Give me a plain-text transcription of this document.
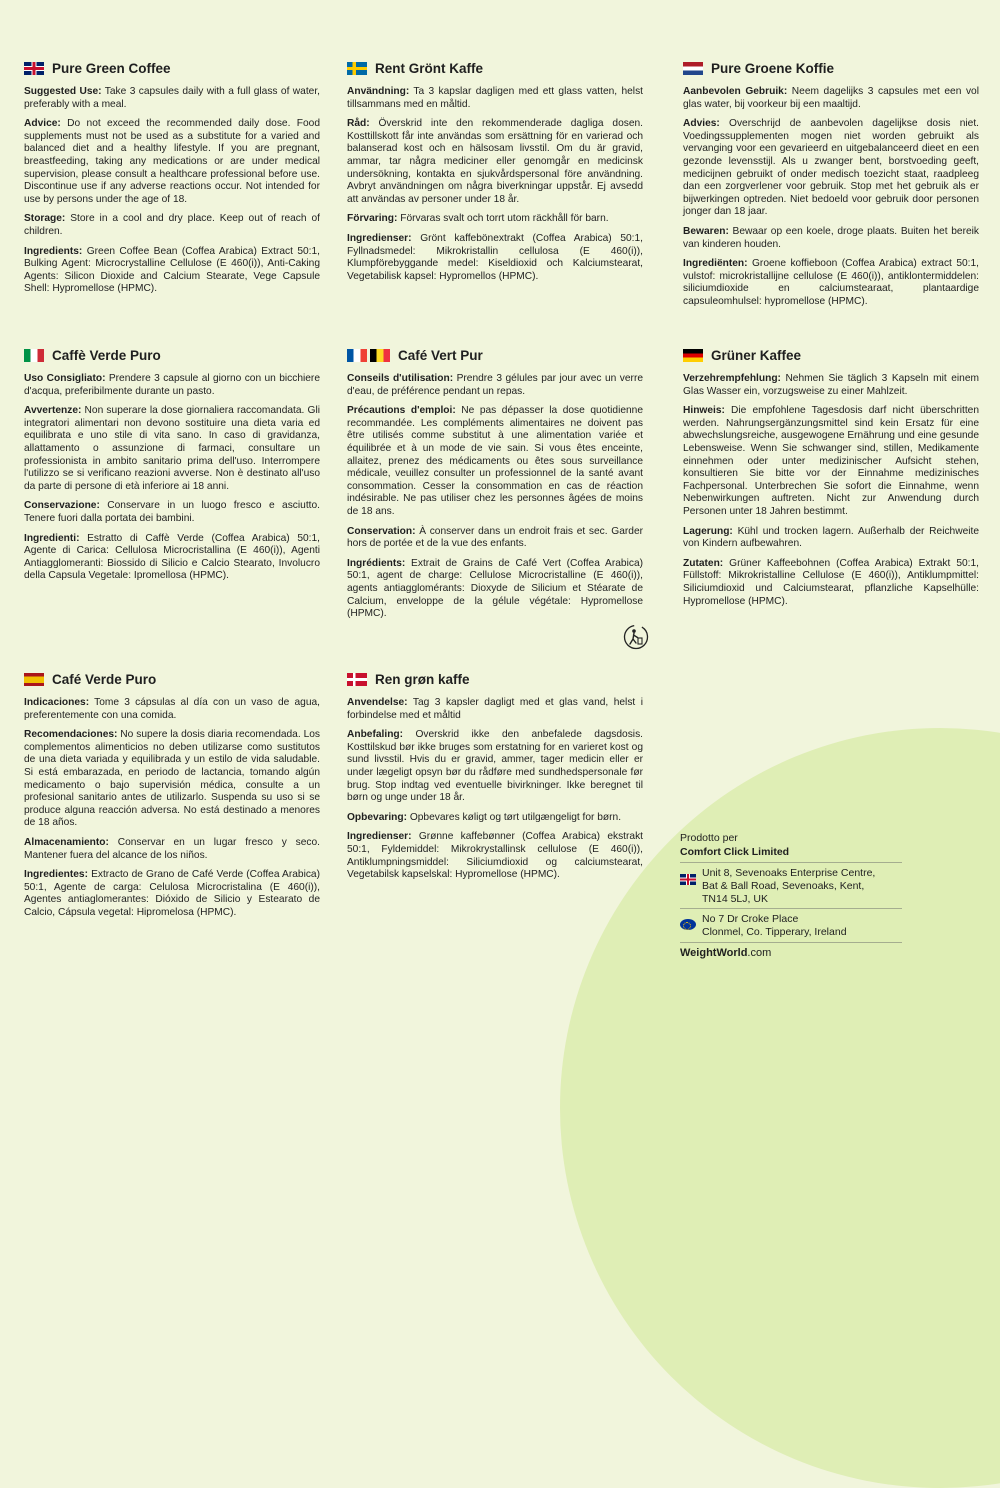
Pure Green Coffee

Suggested Use: Take 3 capsules daily with a full glass of water, preferably with a meal.

Advice: Do not exceed the recommended daily dose. Food supplements must not be used as a substitute for a varied and balanced diet and a healthy lifestyle. If you are pregnant, breastfeeding, taking any medications or are under medical supervision, please consult a healthcare professional before use. Discontinue use if any adverse reactions occur. Not intended for use by persons under the age of 18.

Storage: Store in a cool and dry place. Keep out of reach of children.

Ingredients: Green Coffee Bean (Coffea Arabica) Extract 50:1, Bulking Agent: Microcrystalline Cellulose (E 460(i)), Anti-Caking Agents: Silicon Dioxide and Calcium Stearate, Vege Capsule Shell: Hypromellose (HPMC).

Rent Grönt Kaffe

Användning: Ta 3 kapslar dagligen med ett glass vatten, helst tillsammans med en måltid.

Råd: Överskrid inte den rekommenderade dagliga dosen. Kosttillskott får inte användas som ersättning för en varierad och balanserad kost och en hälsosam livsstil. Om du är gravid, ammar, tar några mediciner eller genomgår en medicinsk undersökning, kontakta en sjukvårdspersonal före användning. Avbryt användningen om några biverkningar uppstår. Ej avsedd att användas av personer under 18 år.

Förvaring: Förvaras svalt och torrt utom räckhåll för barn.

Ingredienser: Grönt kaffebönextrakt (Coffea Arabica) 50:1, Fyllnadsmedel: Mikrokristallin cellulosa (E 460(i)), Klumpförebyggande medel: Kiseldioxid och Kalciumstearat, Vegetabilisk kapsel: Hypromellos (HPMC).

Pure Groene Koffie

Aanbevolen Gebruik: Neem dagelijks 3 capsules met een vol glas water, bij voorkeur bij een maaltijd.

Advies: Overschrijd de aanbevolen dagelijkse dosis niet. Voedingssupplementen mogen niet worden gebruikt als vervanging voor een gevarieerd en uitgebalanceerd dieet en een gezonde levensstijl. Als u zwanger bent, borstvoeding geeft, medicijnen gebruikt of onder medisch toezicht staat, raadpleeg dan een zorgverlener voor gebruik. Stop met het gebruik als er bijwerkingen optreden. Niet bedoeld voor gebruik door personen jonger dan 18 jaar.

Bewaren: Bewaar op een koele, droge plaats. Buiten het bereik van kinderen houden.

Ingrediënten: Groene koffieboon (Coffea Arabica) extract 50:1, vulstof: microkristallijne cellulose (E 460(i)), antiklontermiddelen: siliciumdioxide en calciumstearaat, plantaardige capsuleomhulsel: hypromellose (HPMC).

Caffè Verde Puro

Uso Consigliato: Prendere 3 capsule al giorno con un bicchiere d'acqua, preferibilmente durante un pasto.

Avvertenze: Non superare la dose giornaliera raccomandata. Gli integratori alimentari non devono sostituire una dieta varia ed equilibrata e uno stile di vita sano. In caso di gravidanza, allattamento o assunzione di farmaci, consultare un professionista in ambito sanitario prima dell'uso. Interrompere l'utilizzo se si verificano reazioni avverse. Non è destinato all'uso da parte di persone di età inferiore ai 18 anni.

Conservazione: Conservare in un luogo fresco e asciutto. Tenere fuori dalla portata dei bambini.

Ingredienti: Estratto di Caffè Verde (Coffea Arabica) 50:1, Agente di Carica: Cellulosa Microcristallina (E 460(i)), Agenti Antiagglomeranti: Biossido di Silicio e Calcio Stearato, Involucro della Capsula Vegetale: Ipromellosa (HPMC).

Café Vert Pur

Conseils d'utilisation: Prendre 3 gélules par jour avec un verre d'eau, de préférence pendant un repas.

Précautions d'emploi: Ne pas dépasser la dose quotidienne recommandée. Les compléments alimentaires ne doivent pas être utilisés comme substitut à une alimentation variée et équilibrée et à un mode de vie sain. Si vous êtes enceinte, allaitez, prenez des médicaments ou êtes sous surveillance médicale, veuillez consulter un professionnel de la santé avant consommation. Cesser la consommation en cas de réaction indésirable. Ne pas utiliser chez les personnes âgées de moins de 18 ans.

Conservation: À conserver dans un endroit frais et sec. Garder hors de portée et de la vue des enfants.

Ingrédients: Extrait de Grains de Café Vert (Coffea Arabica) 50:1, agent de charge: Cellulose Microcristalline (E 460(i)), agents antiagglomérants: Dioxyde de Silicium et Stéarate de Calcium, enveloppe de la gélule végétale: Hypromellose (HPMC).

Grüner Kaffee

Verzehrempfehlung: Nehmen Sie täglich 3 Kapseln mit einem Glas Wasser ein, vorzugsweise zu einer Mahlzeit.

Hinweis: Die empfohlene Tagesdosis darf nicht überschritten werden. Nahrungsergänzungsmittel sind kein Ersatz für eine abwechslungsreiche, ausgewogene Ernährung und eine gesunde Lebensweise. Wenn Sie schwanger sind, stillen, Medikamente einnehmen oder unter medizinischer Aufsicht stehen, konsultieren Sie bitte vor der Einnahme medizinisches Fachpersonal. Unterbrechen Sie sofort die Einnahme, wenn Nebenwirkungen auftreten. Nicht zur Anwendung durch Personen unter 18 Jahren bestimmt.

Lagerung: Kühl und trocken lagern. Außerhalb der Reichweite von Kindern aufbewahren.

Zutaten: Grüner Kaffeebohnen (Coffea Arabica) Extrakt 50:1, Füllstoff: Mikrokristalline Cellulose (E 460(i)), Antiklumpmittel: Siliciumdioxid und Calciumstearat, pflanzliche Kapselhülle: Hypromellose (HPMC).

Café Verde Puro

Indicaciones: Tome 3 cápsulas al día con un vaso de agua, preferentemente con una comida.

Recomendaciones: No supere la dosis diaria recomendada. Los complementos alimenticios no deben utilizarse como sustitutos de una dieta variada y equilibrada y un estilo de vida saludable. Si está embarazada, en periodo de lactancia, tomando algún medicamento o bajo supervisión médica, consulte a un profesional sanitario antes de utilizarlo. Suspenda su uso si se produce alguna reacción adversa. No está destinado a menores de 18 años.

Almacenamiento: Conservar en un lugar fresco y seco. Mantener fuera del alcance de los niños.

Ingredientes: Extracto de Grano de Café Verde (Coffea Arabica) 50:1, Agente de carga: Celulosa Microcristalina (E 460(i)), Agentes antiaglomerantes: Dióxido de Silicio y Estearato de Calcio, Cápsula vegetal: Hipromelosa (HPMC).

Ren grøn kaffe

Anvendelse: Tag 3 kapsler dagligt med et glas vand, helst i forbindelse med et måltid

Anbefaling: Overskrid ikke den anbefalede dagsdosis. Kosttilskud bør ikke bruges som erstatning for en varieret kost og sund livsstil. Hvis du er gravid, ammer, tager medicin eller er under lægeligt opsyn bør du rådføre med sundhedspersonale før brug. Stop indtag ved eventuelle bivirkninger. Ikke beregnet til børn og unge under 18 år.

Opbevaring: Opbevares køligt og tørt utilgængeligt for børn.

Ingredienser: Grønne kaffebønner (Coffea Arabica) ekstrakt 50:1, Fyldemiddel: Mikrokrystallinsk cellulose (E 460(i)), Antiklumpningsmiddel: Siliciumdioxid og calciumstearat, Vegetabilsk kapselskal: Hypromellose (HPMC).

Prodotto per
Comfort Click Limited
Unit 8, Sevenoaks Enterprise Centre,
Bat & Ball Road, Sevenoaks, Kent,
TN14 5LJ, UK
No 7 Dr Croke Place
Clonmel, Co. Tipperary, Ireland
WeightWorld.com
